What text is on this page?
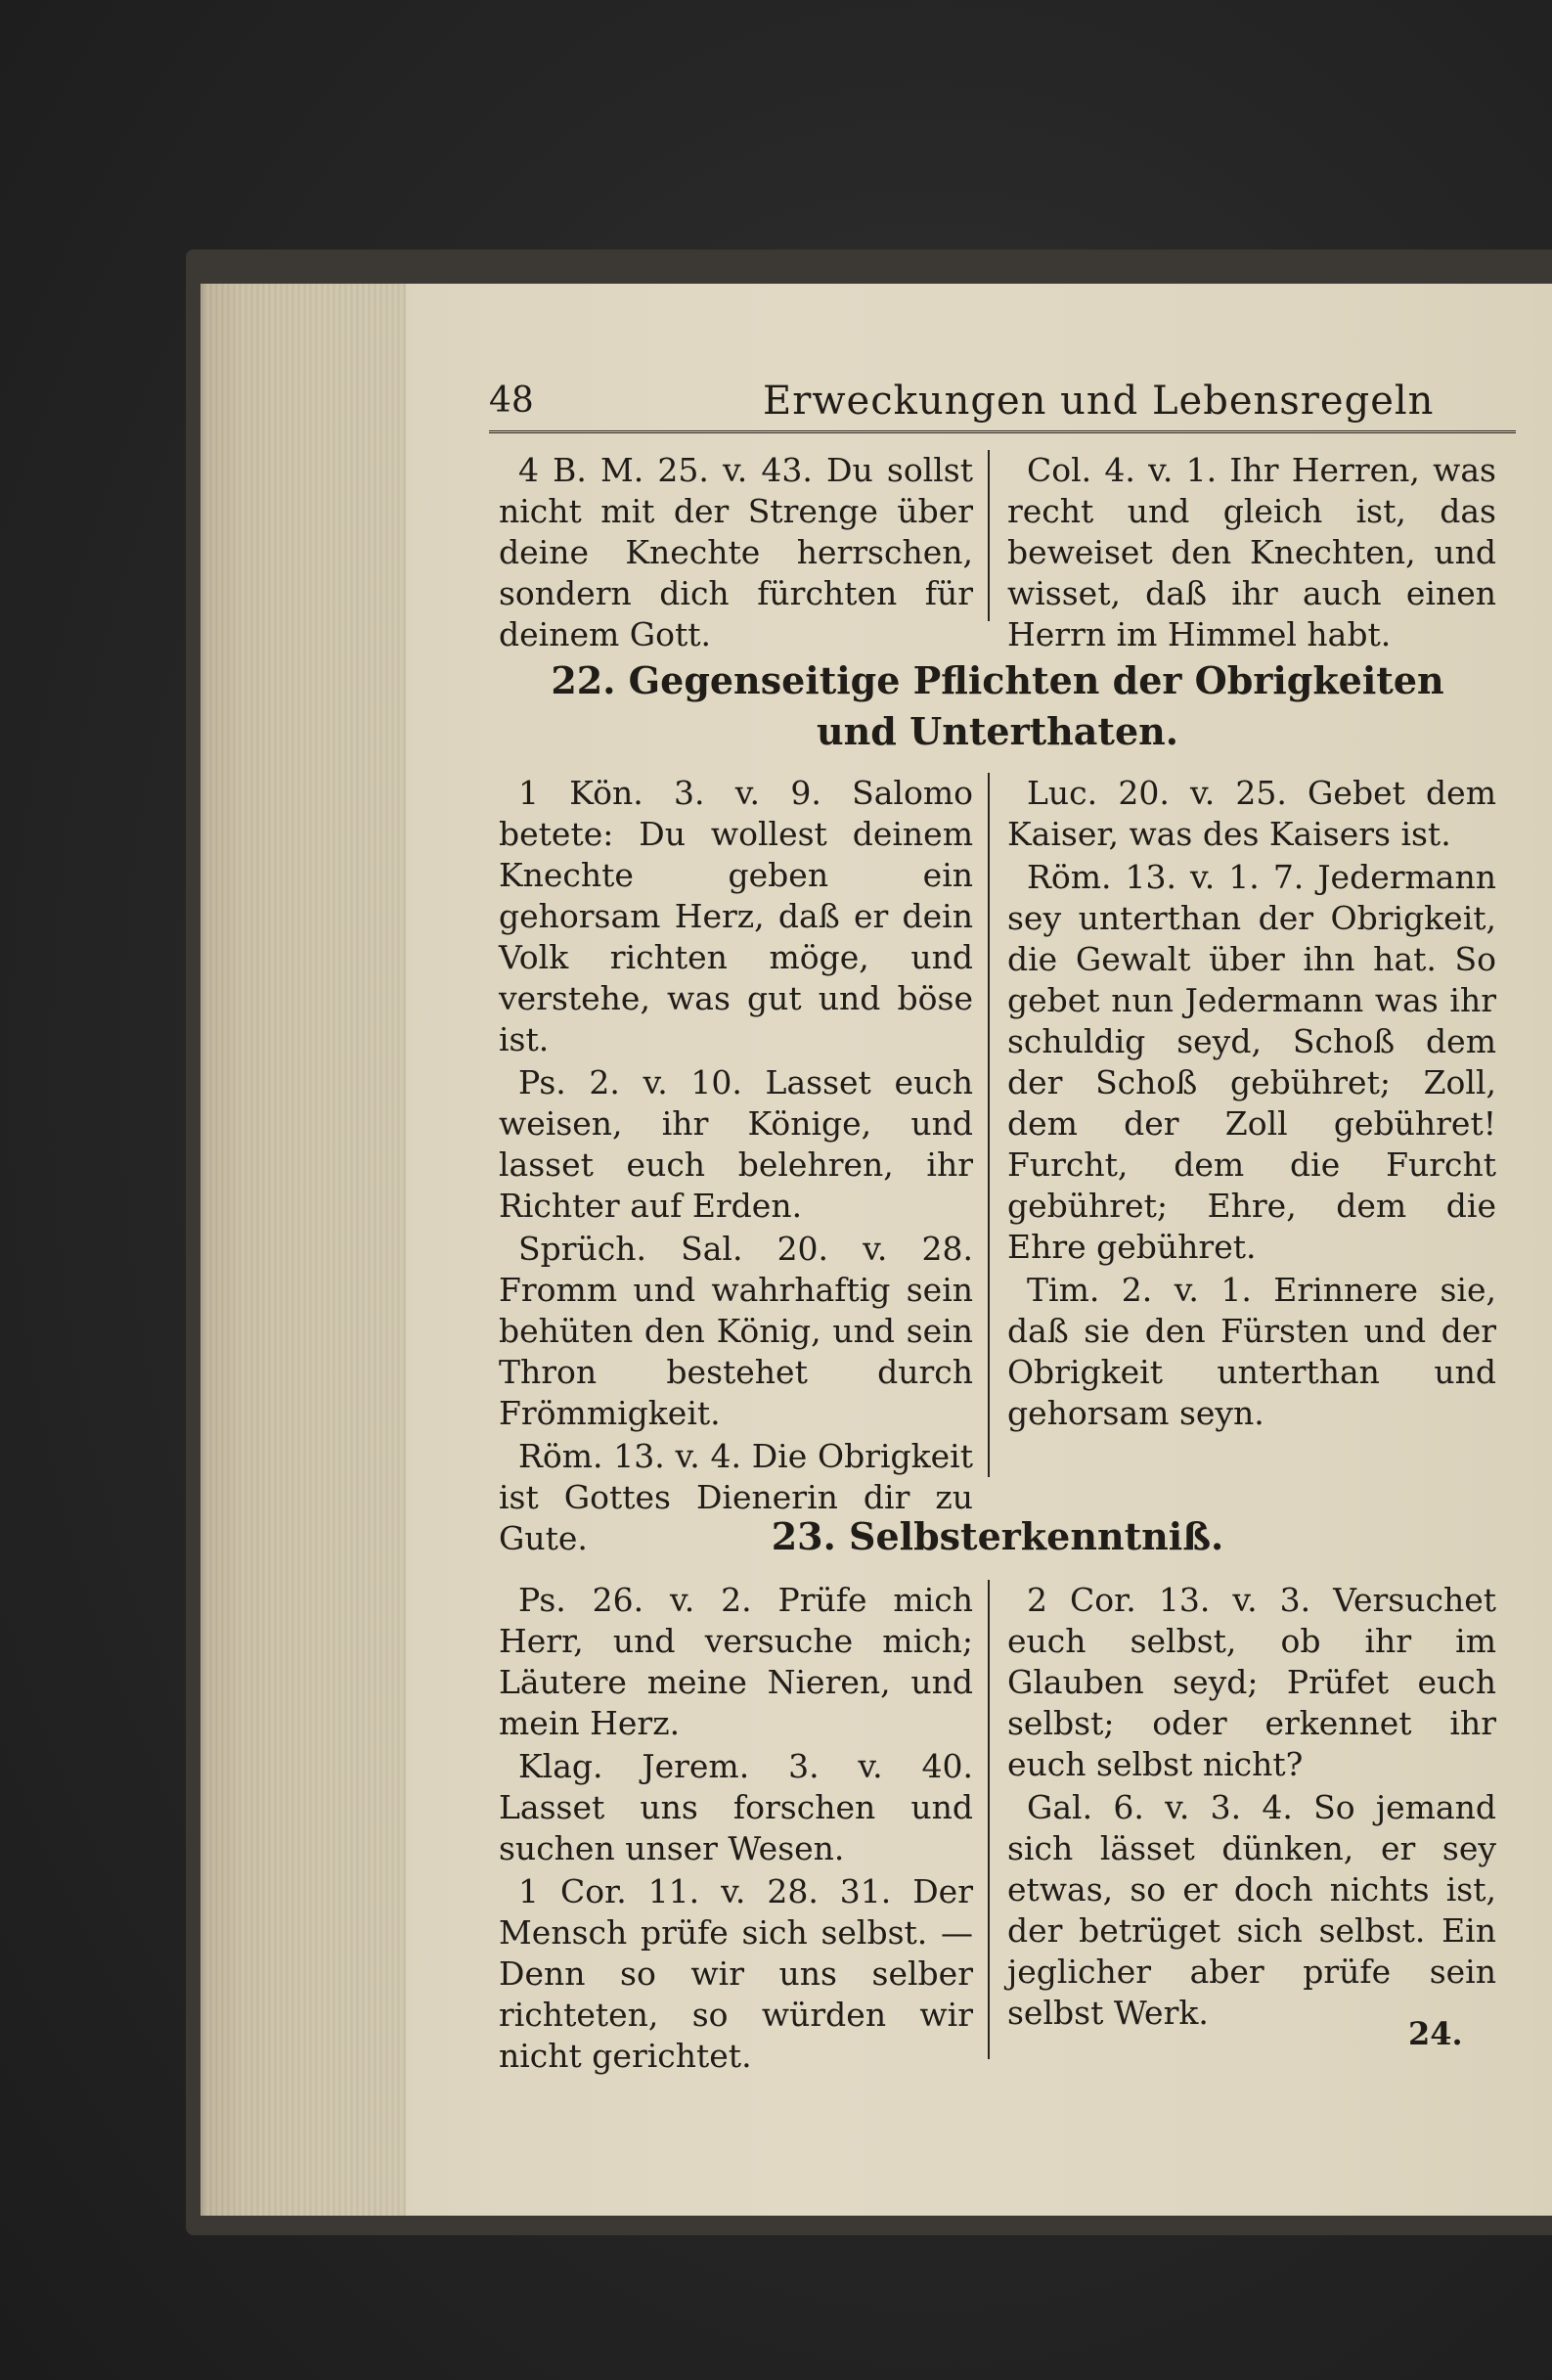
48	Erweckungen und Lebensregeln

4 B. M. 25. v. 43. Du sollst nicht mit der Strenge über deine Knechte herrschen, sondern dich fürchten für deinem Gott.

Col. 4. v. 1. Ihr Herren, was recht und gleich ist, das beweiset den Knechten, und wisset, daß ihr auch einen Herrn im Himmel habt.

22. Gegenseitige Pflichten der Obrigkeiten
und Unterthaten.

1 Kön. 3. v. 9. Salomo betete: Du wollest deinem Knechte geben ein gehorsam Herz, daß er dein Volk richten möge, und verstehe, was gut und böse ist.

Ps. 2. v. 10. Lasset euch weisen, ihr Könige, und lasset euch belehren, ihr Richter auf Erden.

Sprüch. Sal. 20. v. 28. Fromm und wahrhaftig sein behüten den König, und sein Thron bestehet durch Frömmigkeit.

Röm. 13. v. 4. Die Obrigkeit ist Gottes Dienerin dir zu Gute.

Luc. 20. v. 25. Gebet dem Kaiser, was des Kaisers ist.

Röm. 13. v. 1. 7. Jedermann sey unterthan der Obrigkeit, die Gewalt über ihn hat. So gebet nun Jedermann was ihr schuldig seyd, Schoß dem der Schoß gebühret; Zoll, dem der Zoll gebühret! Furcht, dem die Furcht gebühret; Ehre, dem die Ehre gebühret.

Tim. 2. v. 1. Erinnere sie, daß sie den Fürsten und der Obrigkeit unterthan und gehorsam seyn.

23. Selbsterkenntniß.

Ps. 26. v. 2. Prüfe mich Herr, und versuche mich; Läutere meine Nieren, und mein Herz.

Klag. Jerem. 3. v. 40. Lasset uns forschen und suchen unser Wesen.

1 Cor. 11. v. 28. 31. Der Mensch prüfe sich selbst. — Denn so wir uns selber richteten, so würden wir nicht gerichtet.

2 Cor. 13. v. 3. Versuchet euch selbst, ob ihr im Glauben seyd; Prüfet euch selbst; oder erkennet ihr euch selbst nicht?

Gal. 6. v. 3. 4. So jemand sich lässet dünken, er sey etwas, so er doch nichts ist, der betrüget sich selbst. Ein jeglicher aber prüfe sein selbst Werk.

24.
